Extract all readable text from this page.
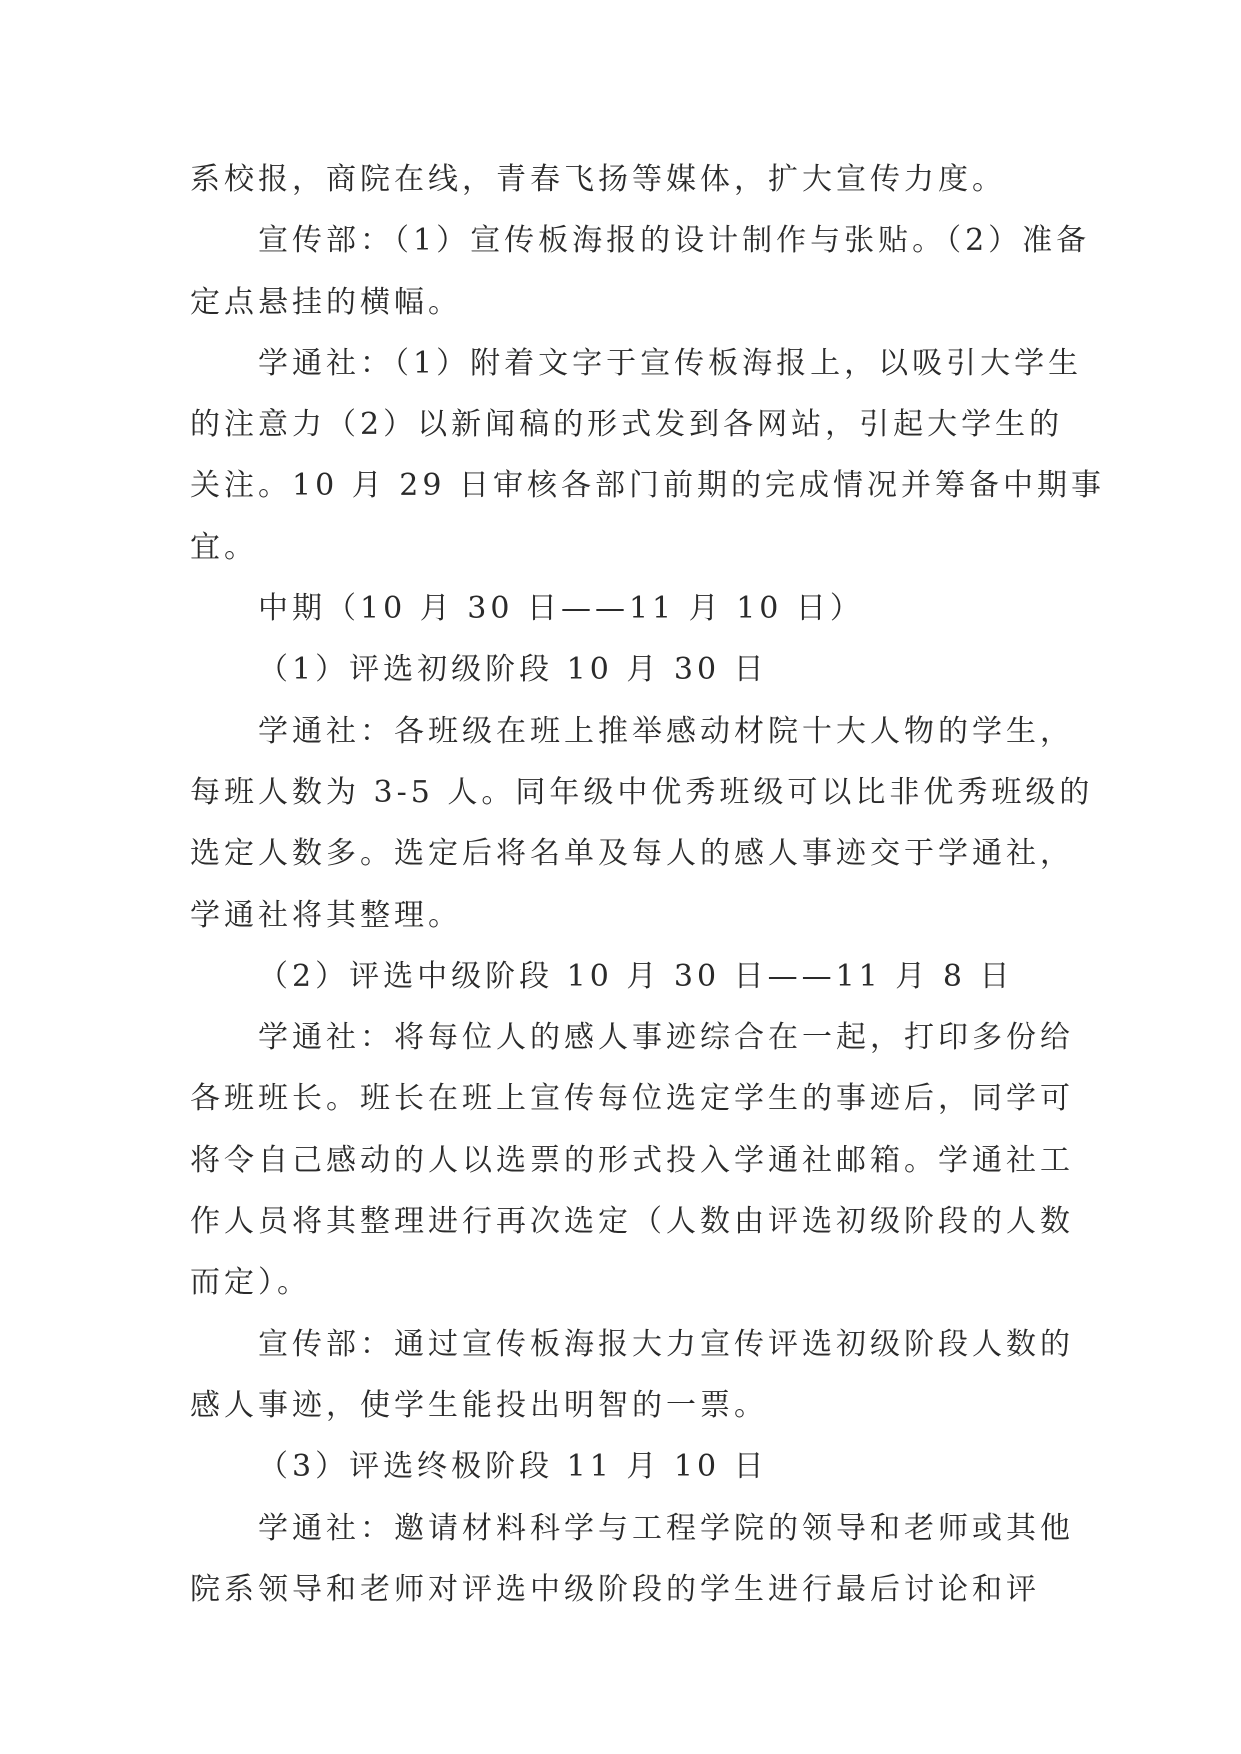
系校报，商院在线，青春飞扬等媒体，扩大宣传力度。
宣传部：（1）宣传板海报的设计制作与张贴。（2）准备
定点悬挂的横幅。
学通社：（1）附着文字于宣传板海报上，以吸引大学生
的注意力（2）以新闻稿的形式发到各网站，引起大学生的
关注。10 月 29 日审核各部门前期的完成情况并筹备中期事
宜。
中期（10 月 30 日——11 月 10 日）
（1）评选初级阶段 10 月 30 日
学通社：各班级在班上推举感动材院十大人物的学生，
每班人数为 3-5 人。同年级中优秀班级可以比非优秀班级的
选定人数多。选定后将名单及每人的感人事迹交于学通社，
学通社将其整理。
（2）评选中级阶段 10 月 30 日——11 月 8 日
学通社：将每位人的感人事迹综合在一起，打印多份给
各班班长。班长在班上宣传每位选定学生的事迹后，同学可
将令自己感动的人以选票的形式投入学通社邮箱。学通社工
作人员将其整理进行再次选定（人数由评选初级阶段的人数
而定）。
宣传部：通过宣传板海报大力宣传评选初级阶段人数的
感人事迹，使学生能投出明智的一票。
（3）评选终极阶段 11 月 10 日
学通社：邀请材料科学与工程学院的领导和老师或其他
院系领导和老师对评选中级阶段的学生进行最后讨论和评
